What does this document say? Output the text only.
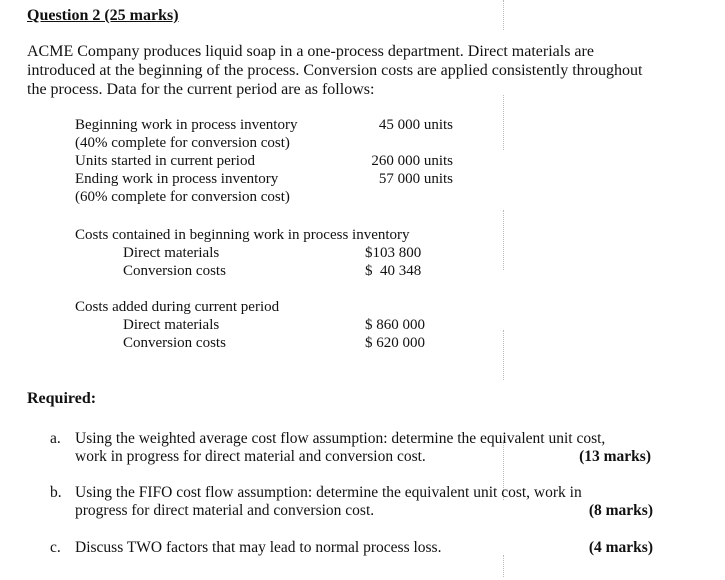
Question 2 (25 marks)
ACME Company produces liquid soap in a one-process department. Direct materials are
introduced at the beginning of the process. Conversion costs are applied consistently throughout
the process. Data for the current period are as follows:
Beginning work in process inventory	45 000 units
(40% complete for conversion cost)
Units started in current period	260 000 units
Ending work in process inventory	57 000 units
(60% complete for conversion cost)
Costs contained in beginning work in process inventory
Direct materials	$103 800
Conversion costs	$  40 348
Costs added during current period
Direct materials	$ 860 000
Conversion costs	$ 620 000
Required:
a. Using the weighted average cost flow assumption: determine the equivalent unit cost,
work in progress for direct material and conversion cost.	(13 marks)
b. Using the FIFO cost flow assumption: determine the equivalent unit cost, work in
progress for direct material and conversion cost.	(8 marks)
c. Discuss TWO factors that may lead to normal process loss.	(4 marks)
